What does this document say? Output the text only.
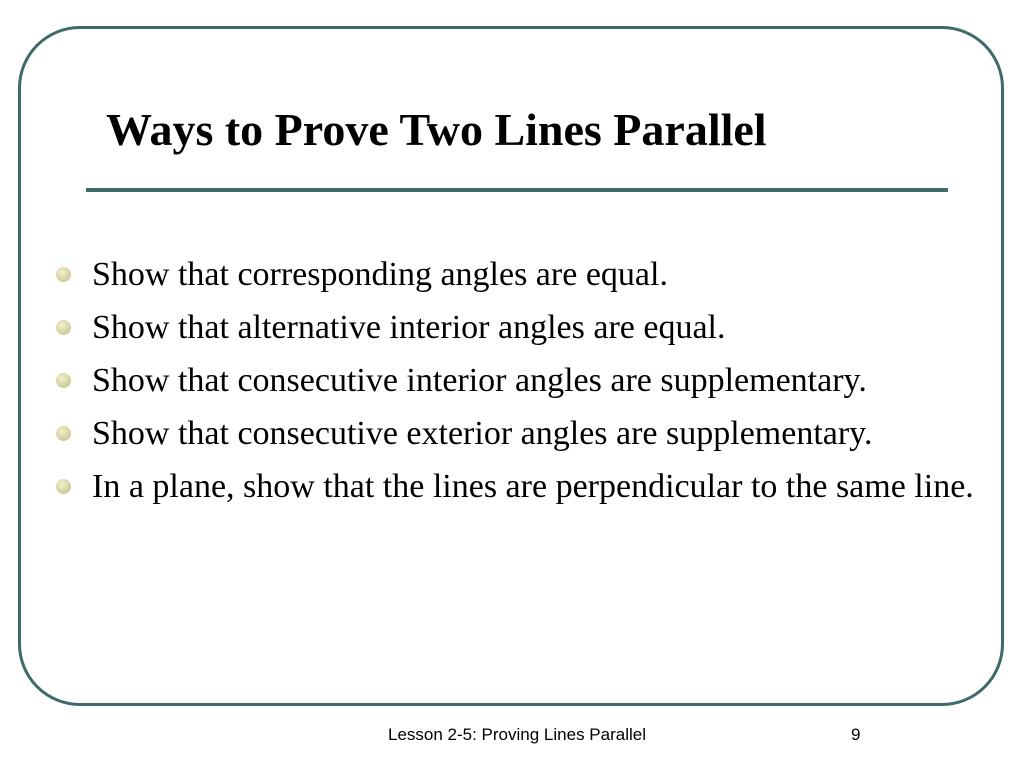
Ways to Prove Two Lines Parallel
Show that corresponding angles are equal.
Show that alternative interior angles are equal.
Show that consecutive interior angles are supplementary.
Show that consecutive exterior angles are supplementary.
In a plane, show that the lines are perpendicular to the same line.
Lesson 2-5: Proving Lines Parallel	9
